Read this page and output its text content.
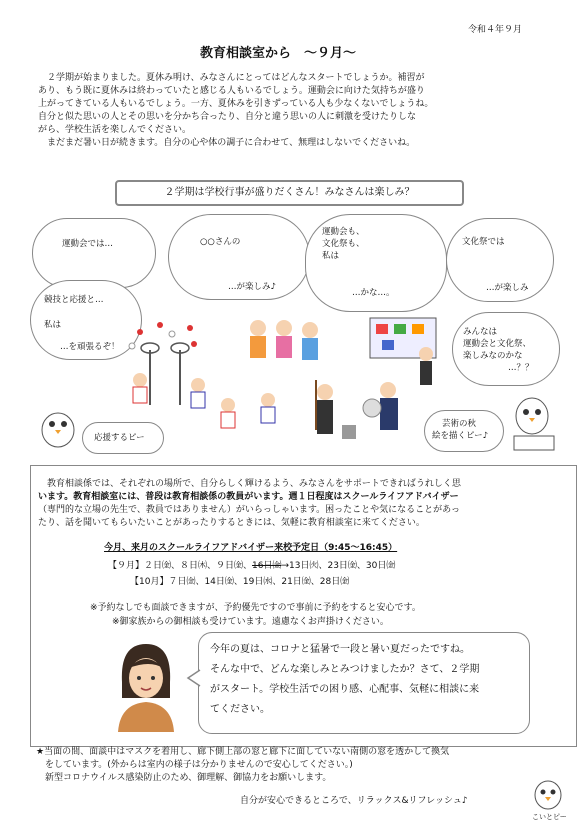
令和４年９月
教育相談室から　～９月～
　２学期が始まりました。夏休み明け、みなさんにとってはどんなスタートでしょうか。補習が
あり、もう既に夏休みは終わっていたと感じる人もいるでしょう。運動会に向けた気持ちが盛り
上がってきている人もいるでしょう。一方、夏休みを引きずっている人も少なくないでしょうね。
自分と似た思いの人とその思いを分かち合ったり、自分と違う思いの人に刺激を受けたりしな
がら、学校生活を楽しんでください。
　まだまだ暑い日が続きます。自分の心や体の調子に合わせて、無理はしないでくださいね。
２学期は学校行事が盛りだくさん！みなさんは楽しみ？
運動会では…	○○さんの
…が楽しみ♪
運動会も、
文化祭も、
私は
…かな…。
文化祭では
…が楽しみ
競技と応援と…
私は
…を頑張るぞ！
みんなは
運動会と文化祭、
楽しみなのかな
…？？
応援するピー
芸術の秋
絵を描くピー♪
　教育相談係では、それぞれの場所で、自分らしく輝けるよう、みなさんをサポートできればうれしく思
います。教育相談室には、普段は教育相談係の教員がいます。週１日程度はスクールライフアドバイザー
（専門的な立場の先生で、教員ではありません）がいらっしゃいます。困ったことや気になることがあっ
たり、話を聞いてもらいたいことがあったりするときには、気軽に教育相談室に来てください。
今月、来月のスクールライフアドバイザー来校予定日（9:45～16:45）
【９月】２日㈮、８日㈭、９日㈮、16日㈮→13日㈫、23日㈮、30日㈮
【10月】７日㈮、14日㈮、19日㈬、21日㈮、28日㈮
※予約なしでも面談できますが、予約優先ですので事前に予約をすると安心です。
※御家族からの御相談も受けています。遠慮なくお声掛けください。
今年の夏は、コロナと猛暑で一段と暑い夏だったですね。
そんな中で、どんな楽しみとみつけましたか？さて、２学期
がスタート。学校生活での困り感、心配事、気軽に相談に来
てください。
★当面の間、面談中はマスクを着用し、廊下側上部の窓と廊下に面していない南側の窓を透かして換気
　をしています。(外からは室内の様子は分かりませんので安心してください。)
　新型コロナウイルス感染防止のため、御理解、御協力をお願いします。
自分が安心できるところで、リラックス&リフレッシュ♪
こいとピー
